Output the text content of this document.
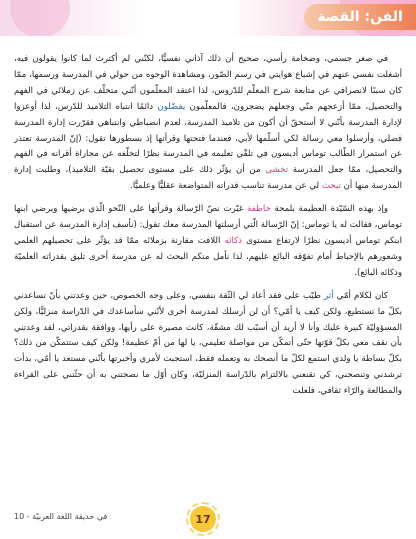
الفن: القصة

في صغر جسمي، وضخامة رأسي، صحيح أن ذلك آذاني نفسيًّا، لكنّني لم أكترث لما كانوا يقولون فيه، أشغلت نفسي عنهم في إشباع هوايتي في رسم الصّور، ومشاهدة الوجوه من حولي في المدرسة ورسمها، ممّا كان سببًا لانصرافي عن متابعة شرح المعلّم للدّروس، لذا اعتقد المعلّمون أنّني متخلّف عن زملائي في الفهم والتحصيل، ممّا أزعجهم منّي وجعلهم يضجرون، فالمعلّمون يفضّلون دائمًا انتباه التلاميذ للدّرس، لذا أوعزوا لإدارة المدرسة بأنّني لا أستحقّ أن أكون من تلاميذ المدرسة، لعدم انضباطي وانتباهي فقرّرت إدارة المدرسة فصلي، وأرسلوا معي رسالة لكي أسلّمها لأبي، فعندما فتحتها وقرأتها إذ بسطورها تقول: (إنّ المدرسة تعتذر عن استمرار الطّالب توماس أديسون في تلقّي تعليمه في المدرسة نظرًا لتخلّفه عن مجاراة أقرانه في الفهم والتحصيل، ممّا جعل المدرسة تخشى من أن يؤثّر ذلك على مستوى تحصيل بقيّة التلاميذ)، وطلبت إدارة المدرسة منها أن تبحث لي عن مدرسة تناسب قدراته المتواضعة عقليًّا وعلميًّا.

وإذ بهذه السّيّدة العظيمة بلمحة خاطفة غيّرت نصّ الرّسالة وقرأتها على النّحو الّذي يرضيها ويرضي ابنها توماس، فقالت له يا توماس: إنّ الرّسالة الّتي أرسلتها المدرسة معك تقول: (نأسف إدارة المدرسة عن استقبال ابنكم توماس أديسون نظرًا لارتفاع مستوى ذكائه اللافت مقارنة بزملائه ممّا قد يؤثّر على تحصيلهم العلمي وشعورهم بالإحباط أمام تفوّقه البائع عليهم، لذا نأمل منكم البحث له عن مدرسة أخرى تليق بقدراته العلميّة وذكائه البائع).

كان لكلام أمّي أثر طيّب على فقد أعاد لي الثّقة بنفسي، وعلى وجه الخصوص، حين وعدتني بأنّ تساعدني بكلّ ما تستطيع، ولكن كيف يا أمّي؟ أن لن أرسلك لمدرسة أخرى لأنّني سأساعدك في الدّراسة منزليًّا، ولكن المسؤوليّة كبيرة عليك وأنا لا أريد أن أسبّب لك مشقّة، كانت مصيرة على رأيها، ووافقة بقدراتي، لقد وعدتني بأن نقف معي بكلّ قوّتها حتّى أتمكّن من مواصلة تعليمي، يا لها من أمّ عظيمة! ولكن كيف ستتمكّن من ذلك؟ بكلّ بساطة يا ولدي استمع لكلّ ما أنصحك به وتعمله فقط، استجبت لأمري وأخبرتها بأنّني مستعد يا أمّي، بدأت ترشدني وتنصحني، كي تقنعني بالالتزام بالدّراسة المنزليّة، وكان أوّل ما نصحتني به أن حثّتني على القراءة والمطالعة والرّاء ثقافي، فلعلت

17
في حديقة اللغة العربيّة - 10
